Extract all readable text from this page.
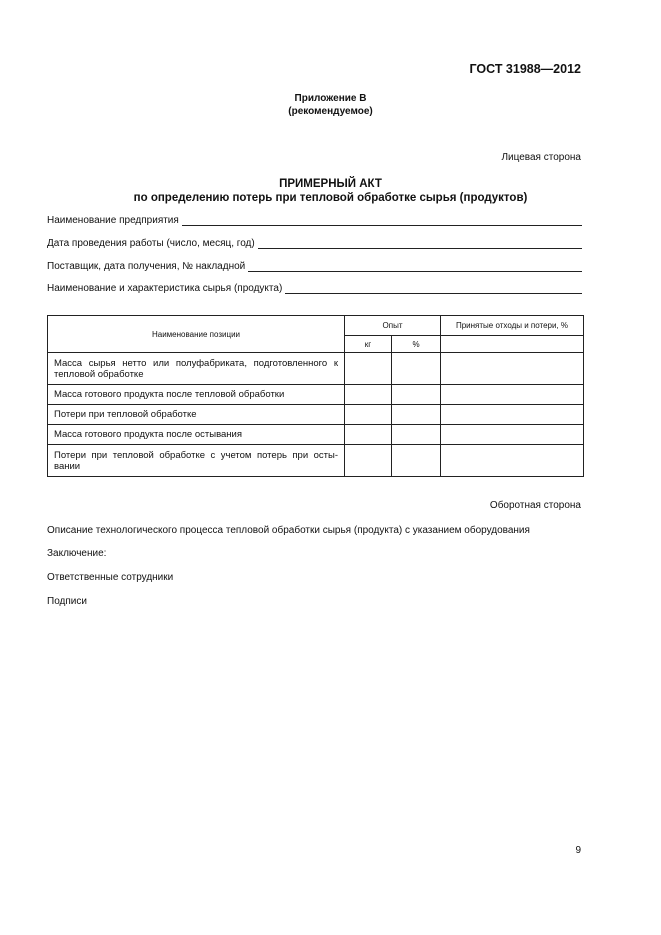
ГОСТ 31988—2012
Приложение В
(рекомендуемое)
Лицевая сторона
ПРИМЕРНЫЙ АКТ
по определению потерь при тепловой обработке сырья (продуктов)
Наименование предприятия
Дата проведения работы (число, месяц, год)
Поставщик, дата получения, № накладной
Наименование и характеристика сырья (продукта)
Наименование позиции	Опыт		Принятые отходы и потери, %
	кг	%	
Масса сырья нетто или полуфабриката, подготовленного к тепловой обработке			
Масса готового продукта после тепловой обработки			
Потери при тепловой обработке			
Масса готового продукта после остывания			
Потери при тепловой обработке с учетом потерь при осты-вании			
Оборотная сторона
Описание технологического процесса тепловой обработки сырья (продукта) с указанием оборудования
Заключение:
Ответственные сотрудники
Подписи
9
